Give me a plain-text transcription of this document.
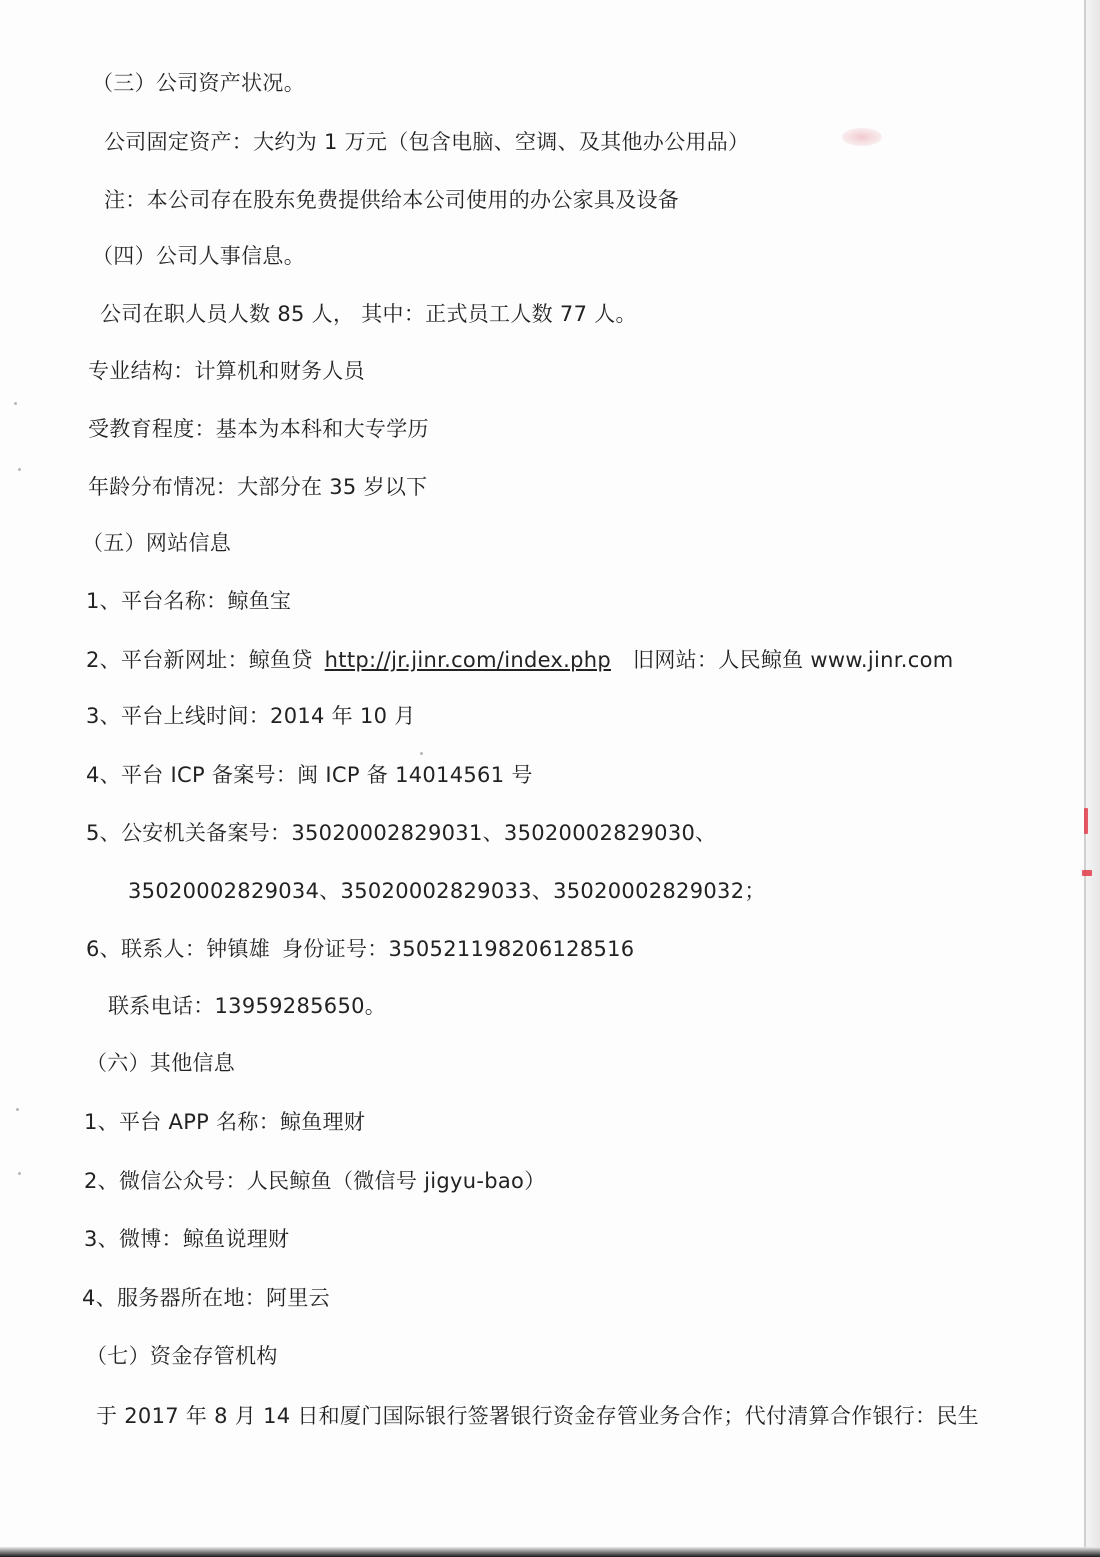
（三）公司资产状况。
公司固定资产：大约为 1 万元（包含电脑、空调、及其他办公用品）
注：本公司存在股东免费提供给本公司使用的办公家具及设备
（四）公司人事信息。
公司在职人员人数 85 人， 其中：正式员工人数 77 人。
专业结构：计算机和财务人员
受教育程度：基本为本科和大专学历
年龄分布情况：大部分在 35 岁以下
（五）网站信息
1、平台名称：鲸鱼宝
2、平台新网址：鲸鱼贷 http://jr.jinr.com/index.php 旧网站：人民鲸鱼 www.jinr.com
3、平台上线时间：2014 年 10 月
4、平台 ICP 备案号：闽 ICP 备 14014561 号
5、公安机关备案号：35020002829031、35020002829030、
35020002829034、35020002829033、35020002829032；
6、联系人：钟镇雄 身份证号：350521198206128516
联系电话：13959285650。
（六）其他信息
1、平台 APP 名称：鲸鱼理财
2、微信公众号：人民鲸鱼（微信号 jigyu-bao）
3、微博：鲸鱼说理财
4、服务器所在地：阿里云
（七）资金存管机构
于 2017 年 8 月 14 日和厦门国际银行签署银行资金存管业务合作；代付清算合作银行：民生
